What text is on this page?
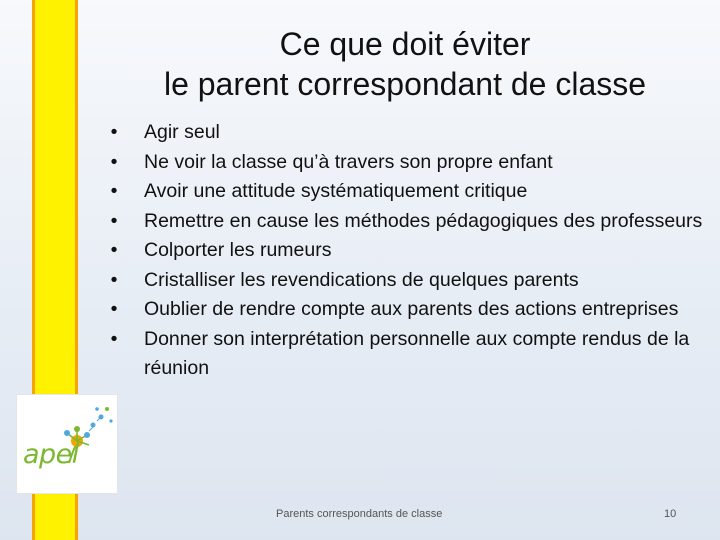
apel
Ce que doit éviter
le parent correspondant de classe
•	Agir seul
•	Ne voir la classe qu’à travers son propre enfant
•	Avoir une attitude systématiquement critique
•	Remettre en cause les méthodes pédagogiques des professeurs
•	Colporter les rumeurs
•	Cristalliser les revendications de quelques parents
•	Oublier de rendre compte aux parents des actions entreprises
•	Donner son interprétation personnelle aux compte rendus de la réunion
Parents correspondants de classe	10
